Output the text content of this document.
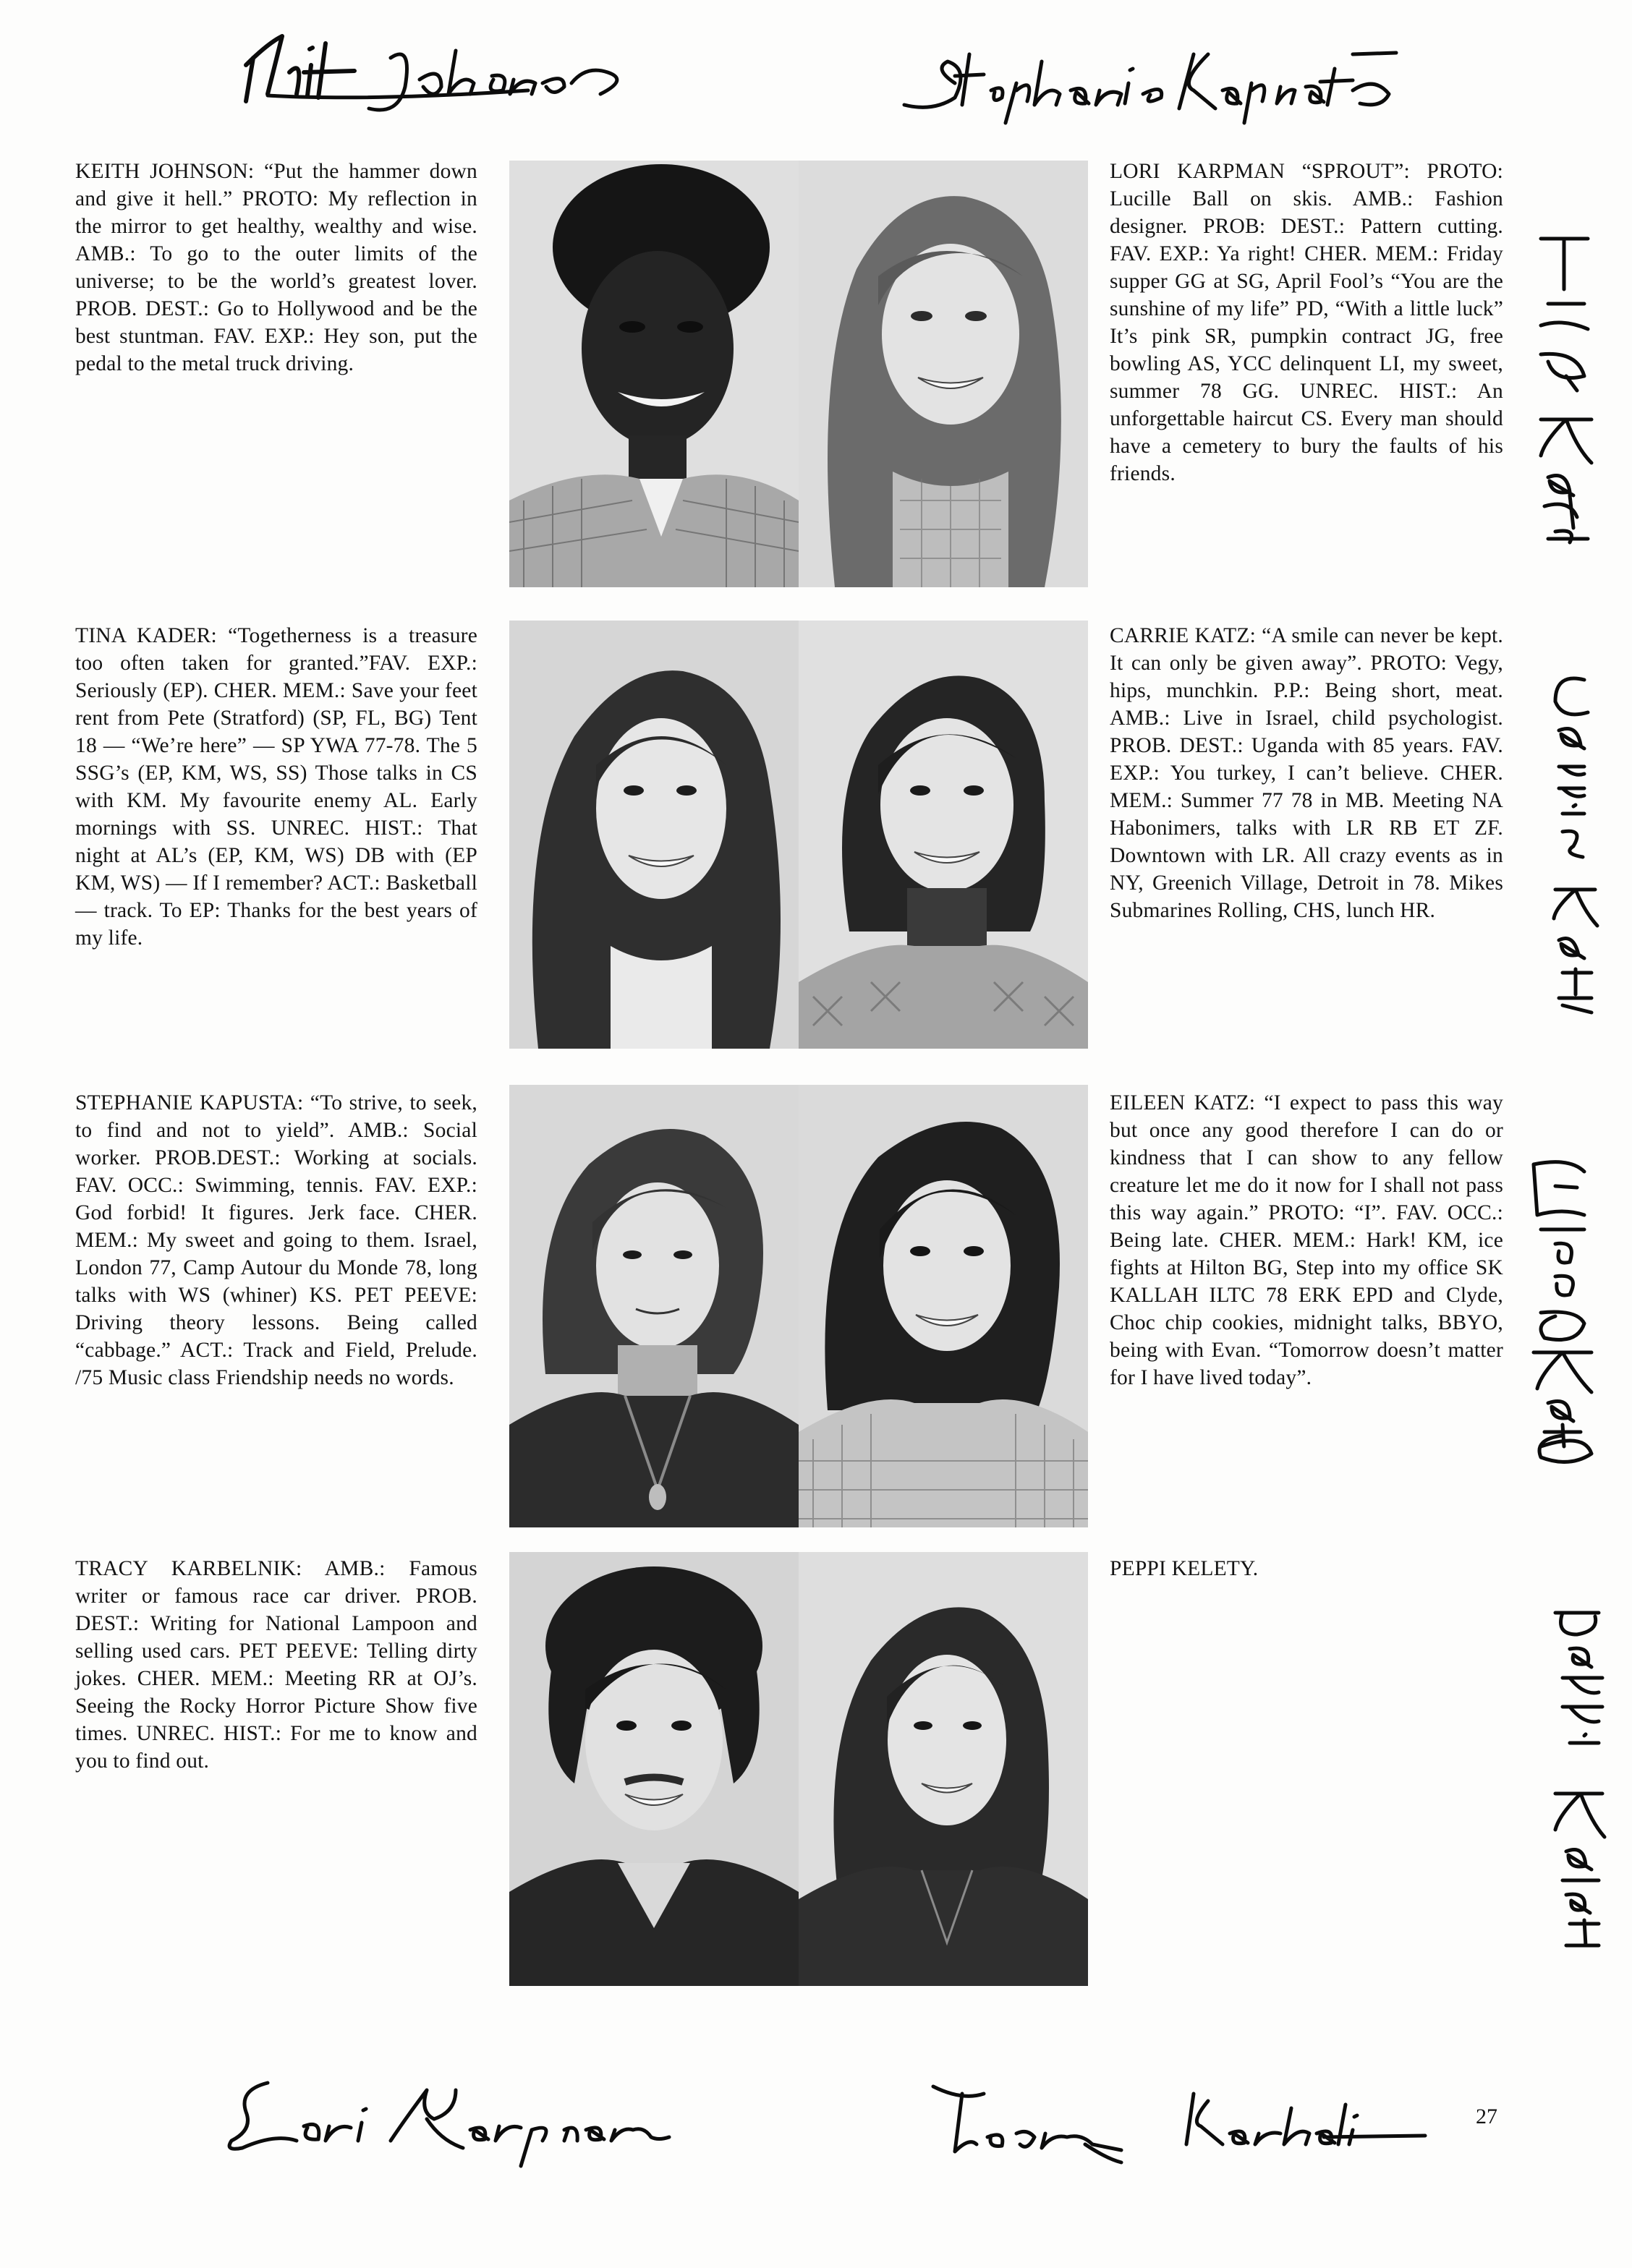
KEITH JOHNSON: “Put the hammer down and give it hell.” PROTO: My reflection in the mirror to get healthy, wealthy and wise. AMB.: To go to the outer limits of the universe; to be the world’s greatest lover. PROB. DEST.: Go to Hollywood and be the best stuntman. FAV. EXP.: Hey son, put the pedal to the metal truck driving.
LORI KARPMAN “SPROUT”: PROTO: Lucille Ball on skis. AMB.: Fashion designer. PROB: DEST.: Pattern cutting. FAV. EXP.: Ya right! CHER. MEM.: Friday supper GG at SG, April Fool’s “You are the sunshine of my life” PD, “With a little luck” It’s pink SR, pumpkin contract JG, free bowling AS, YCC delinquent LI, my sweet, summer 78 GG. UNREC. HIST.: An unforgettable haircut CS. Every man should have a cemetery to bury the faults of his friends.
TINA KADER: “Togetherness is a treasure too often taken for granted.”FAV. EXP.: Seriously (EP). CHER. MEM.: Save your feet rent from Pete (Stratford) (SP, FL, BG) Tent 18 — “We’re here” — SP YWA 77-78. The 5 SSG’s (EP, KM, WS, SS) Those talks in CS with KM. My favourite enemy AL. Early mornings with SS. UNREC. HIST.: That night at AL’s (EP, KM, WS) DB with (EP KM, WS) — If I remember? ACT.: Basketball — track. To EP: Thanks for the best years of my life.
CARRIE KATZ: “A smile can never be kept. It can only be given away”. PROTO: Vegy, hips, munchkin. P.P.: Being short, meat. AMB.: Live in Israel, child psychologist. PROB. DEST.: Uganda with 85 years. FAV. EXP.: You turkey, I can’t believe. CHER. MEM.: Summer 77 78 in MB. Meeting NA Habonimers, talks with LR RB ET ZF. Downtown with LR. All crazy events as in NY, Greenich Village, Detroit in 78. Mikes Submarines Rolling, CHS, lunch HR.
STEPHANIE KAPUSTA: “To strive, to seek, to find and not to yield”. AMB.: Social worker. PROB.DEST.: Working at socials. FAV. OCC.: Swimming, tennis. FAV. EXP.: God forbid! It figures. Jerk face. CHER. MEM.: My sweet and going to them. Israel, London 77, Camp Autour du Monde 78, long talks with WS (whiner) KS. PET PEEVE: Driving theory lessons. Being called “cabbage.” ACT.: Track and Field, Prelude. /75 Music class Friendship needs no words.
EILEEN KATZ: “I expect to pass this way but once any good therefore I can do or kindness that I can show to any fellow creature let me do it now for I shall not pass this way again.” PROTO: “I”. FAV. OCC.: Being late. CHER. MEM.: Hark! KM, ice fights at Hilton BG, Step into my office SK KALLAH ILTC 78 ERK EPD and Clyde, Choc chip cookies, midnight talks, BBYO, being with Evan. “Tomorrow doesn’t matter for I have lived today”.
TRACY KARBELNIK: AMB.: Famous writer or famous race car driver. PROB. DEST.: Writing for National Lampoon and selling used cars. PET PEEVE: Telling dirty jokes. CHER. MEM.: Meeting RR at OJ’s. Seeing the Rocky Horror Picture Show five times. UNREC. HIST.: For me to know and you to find out.
PEPPI KELETY.
27
